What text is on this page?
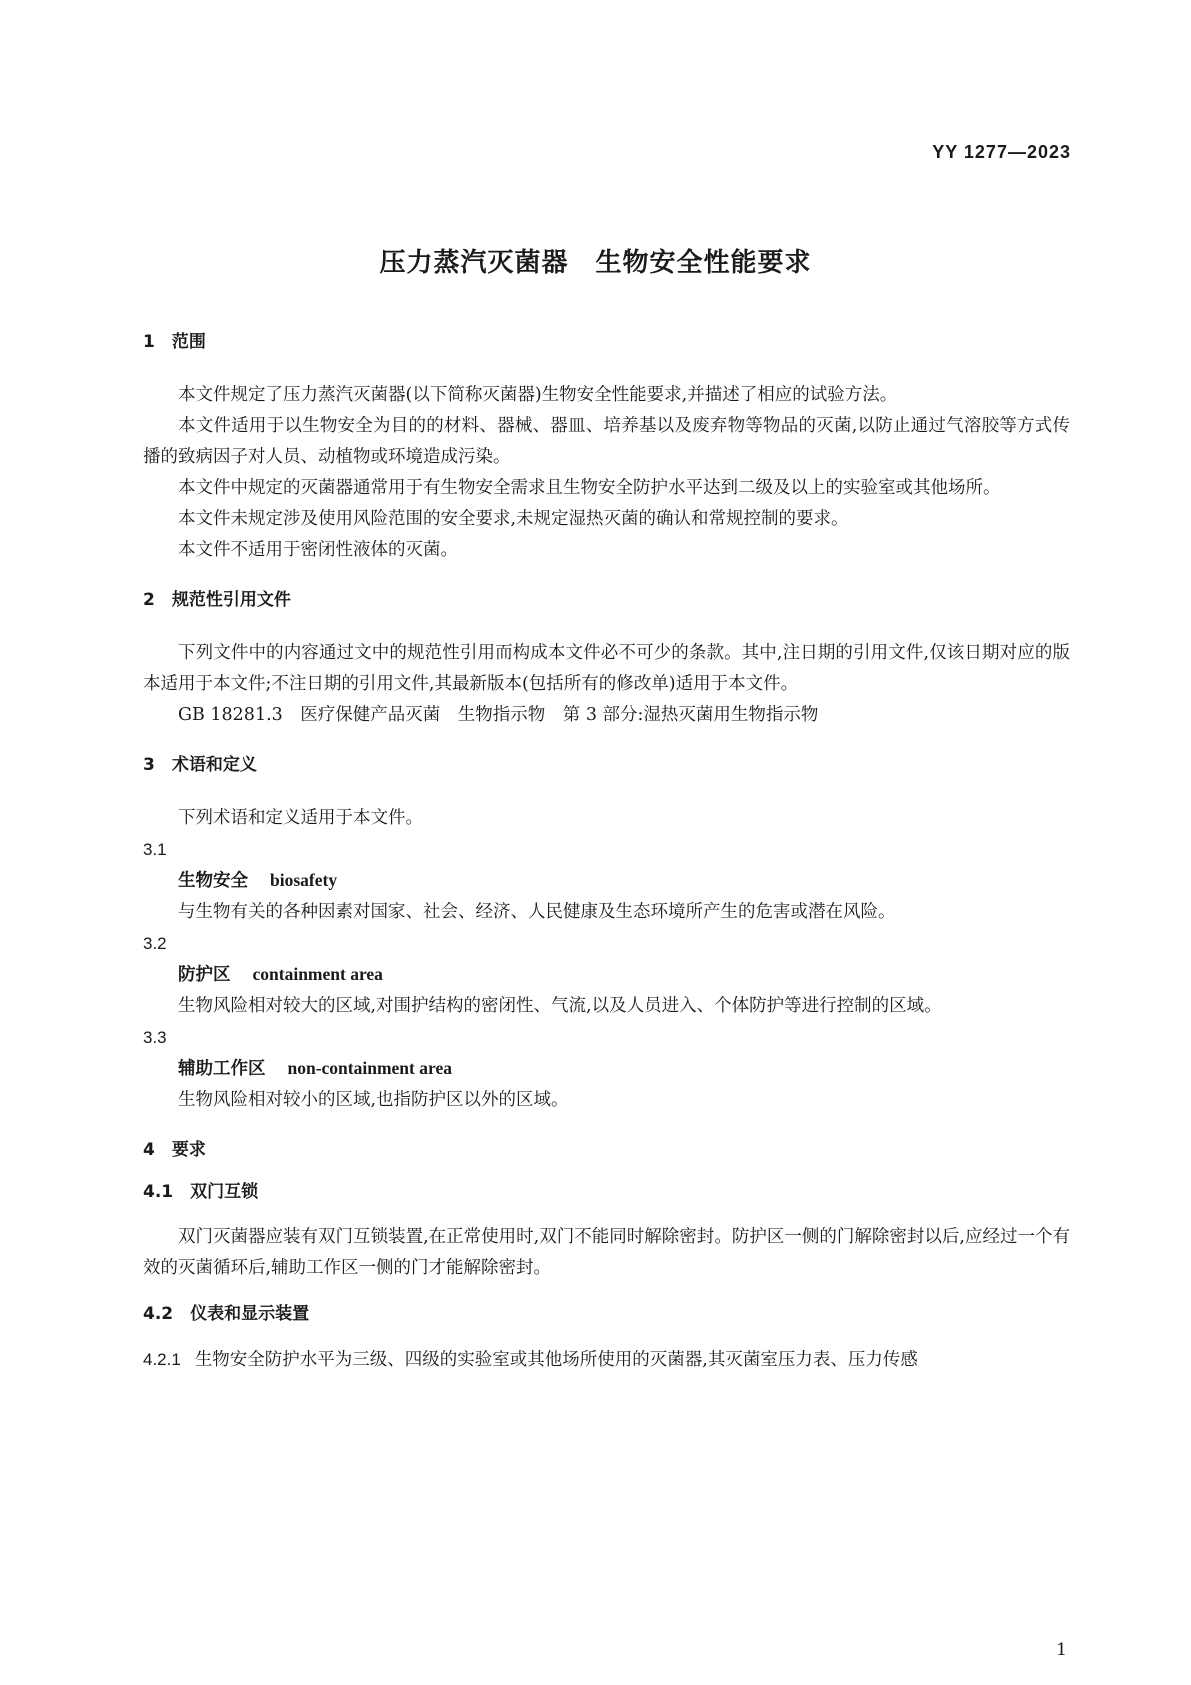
YY 1277—2023
压力蒸汽灭菌器　生物安全性能要求
1　范围

本文件规定了压力蒸汽灭菌器(以下简称灭菌器)生物安全性能要求,并描述了相应的试验方法。

本文件适用于以生物安全为目的的材料、器械、器皿、培养基以及废弃物等物品的灭菌,以防止通过气溶胶等方式传播的致病因子对人员、动植物或环境造成污染。

本文件中规定的灭菌器通常用于有生物安全需求且生物安全防护水平达到二级及以上的实验室或其他场所。

本文件未规定涉及使用风险范围的安全要求,未规定湿热灭菌的确认和常规控制的要求。

本文件不适用于密闭性液体的灭菌。

2　规范性引用文件

下列文件中的内容通过文中的规范性引用而构成本文件必不可少的条款。其中,注日期的引用文件,仅该日期对应的版本适用于本文件;不注日期的引用文件,其最新版本(包括所有的修改单)适用于本文件。

GB 18281.3　医疗保健产品灭菌　生物指示物　第 3 部分:湿热灭菌用生物指示物

3　术语和定义

下列术语和定义适用于本文件。

3.1

生物安全 biosafety

与生物有关的各种因素对国家、社会、经济、人民健康及生态环境所产生的危害或潜在风险。

3.2

防护区 containment area

生物风险相对较大的区域,对围护结构的密闭性、气流,以及人员进入、个体防护等进行控制的区域。

3.3

辅助工作区 non-containment area

生物风险相对较小的区域,也指防护区以外的区域。

4　要求
4.1　双门互锁

双门灭菌器应装有双门互锁装置,在正常使用时,双门不能同时解除密封。防护区一侧的门解除密封以后,应经过一个有效的灭菌循环后,辅助工作区一侧的门才能解除密封。

4.2　仪表和显示装置

4.2.1 生物安全防护水平为三级、四级的实验室或其他场所使用的灭菌器,其灭菌室压力表、压力传感

1
